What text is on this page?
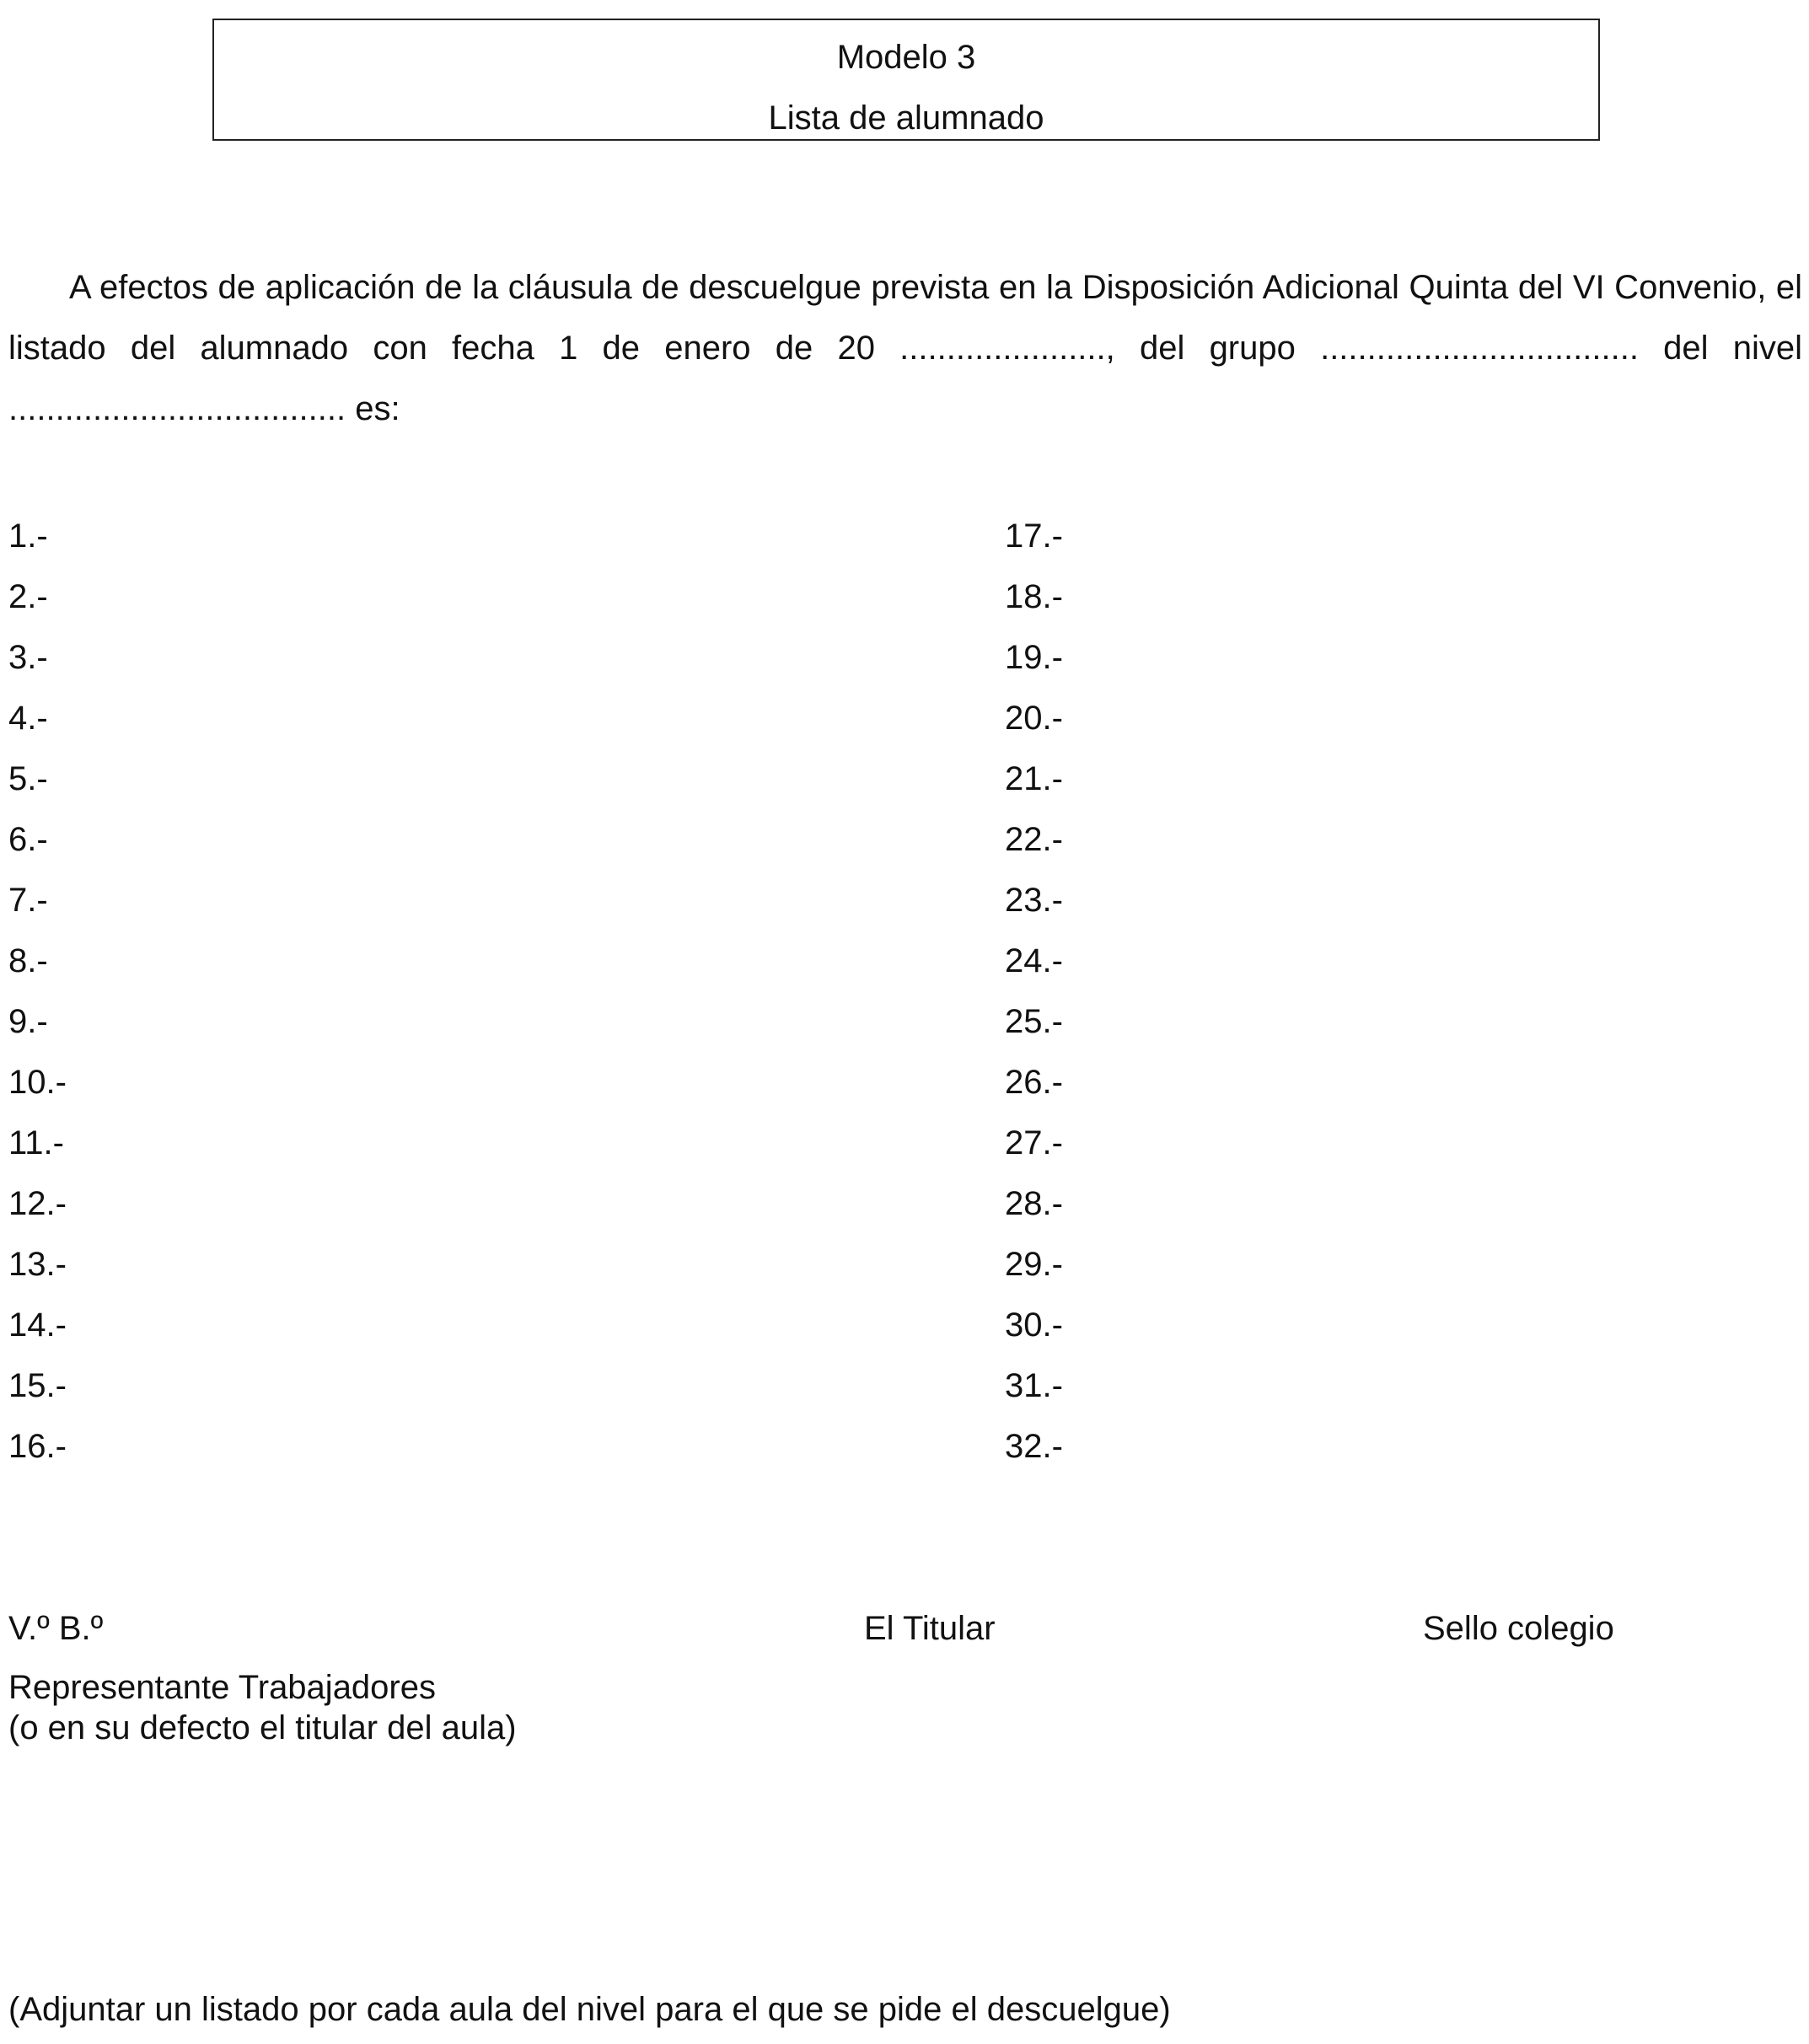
Modelo 3
Lista de alumnado

A efectos de aplicación de la cláusula de descuelgue prevista en la Disposición Adicional Quinta del VI Convenio, el listado del alumnado con fecha 1 de enero de 20 ......................, del grupo .................................. del nivel .................................... es:

1.-
2.-
3.-
4.-
5.-
6.-
7.-
8.-
9.-
10.-
11.-
12.-
13.-
14.-
15.-
16.-
17.-
18.-
19.-
20.-
21.-
22.-
23.-
24.-
25.-
26.-
27.-
28.-
29.-
30.-
31.-
32.-
V.º B.º	El Titular	Sello colegio
Representante Trabajadores
(o en su defecto el titular del aula)
(Adjuntar un listado por cada aula del nivel para el que se pide el descuelgue)
